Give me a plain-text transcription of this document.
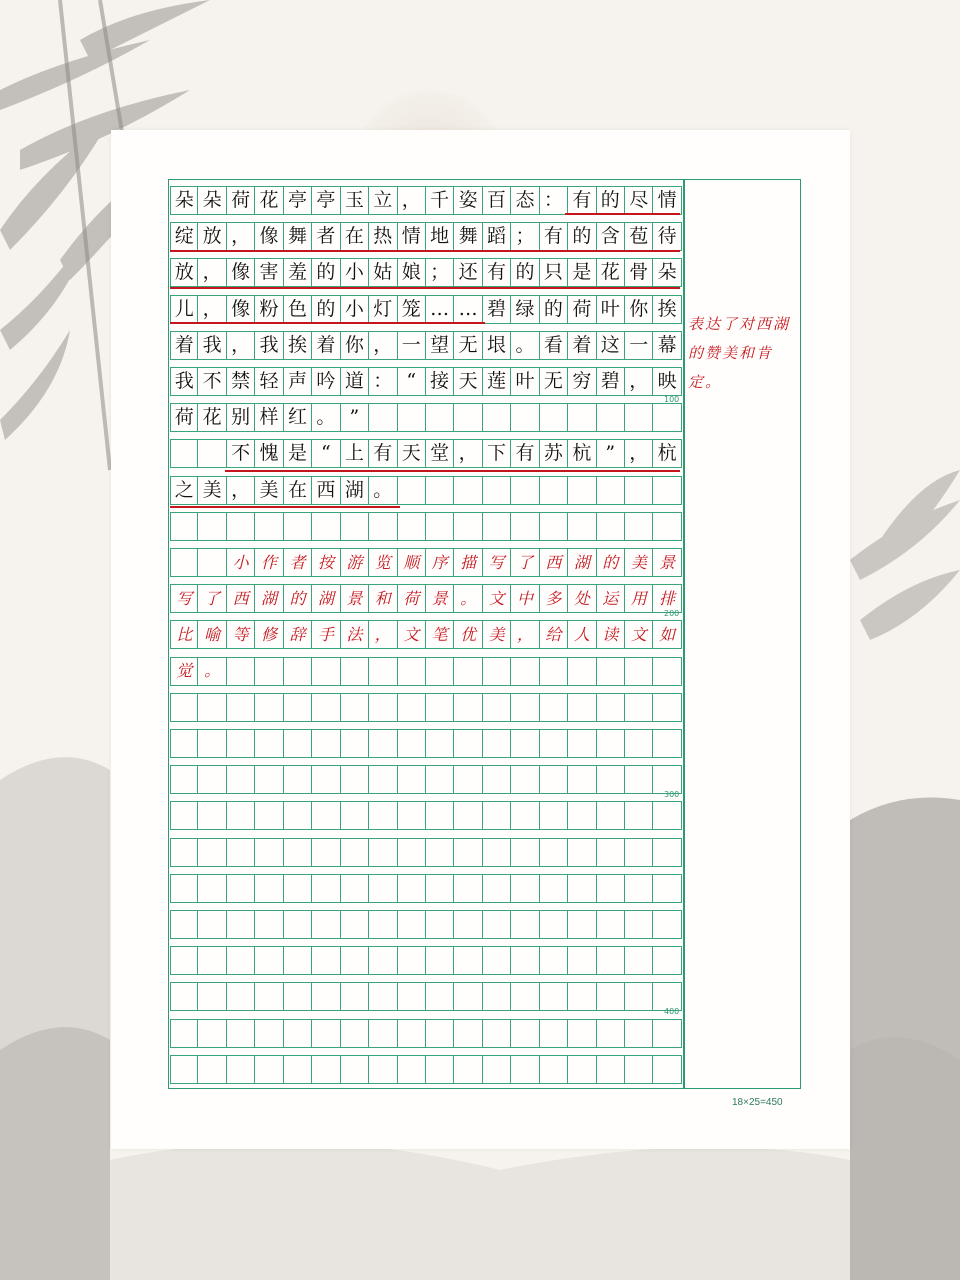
朵 朵 荷 花 亭 亭 玉 立 ， 千 姿 百 态 ： 有 的 尽 情
绽 放 ， 像 舞 者 在 热 情 地 舞 蹈 ； 有 的 含 苞 待
放 ， 像 害 羞 的 小 姑 娘 ； 还 有 的 只 是 花 骨 朵
儿 ， 像 粉 色 的 小 灯 笼 … … 碧 绿 的 荷 叶 你 挨
着 我 ， 我 挨 着 你 ， 一 望 无 垠 。 看 着 这 一 幕
我 不 禁 轻 声 吟 道 ： “ 接 天 莲 叶 无 穷 碧 ， 映
荷 花 别 样 红 。 ”
不 愧 是 “ 上 有 天 堂 ， 下 有 苏 杭 ” ， 杭
之 美 ， 美 在 西 湖 。
小 作 者 按 游 览 顺 序 描 写 了 西 湖 的 美 景
写 了 西 湖 的 湖 景 和 荷 景 。 文 中 多 处 运 用 排
比 喻 等 修 辞 手 法 ， 文 笔 优 美 ， 给 人 读 文 如
觉 。
表达了对西湖的赞美和肯定。
100
200
300
400
18×25=450
